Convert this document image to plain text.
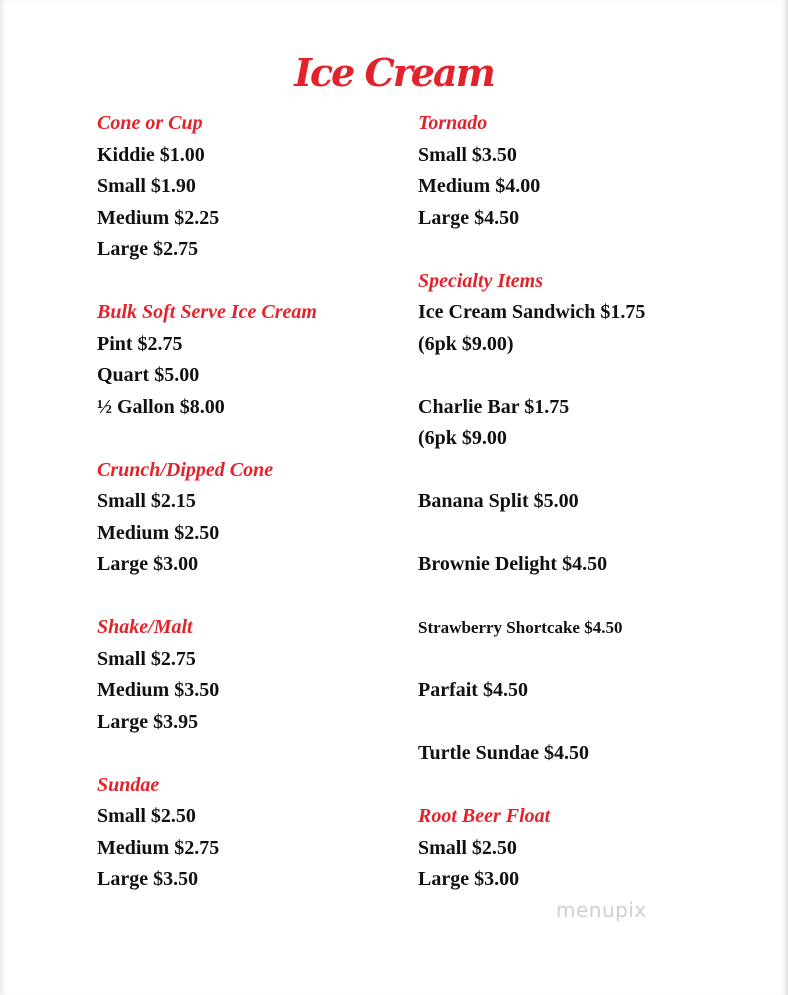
Ice Cream
Cone or Cup
Kiddie $1.00
Small $1.90
Medium $2.25
Large $2.75
Bulk Soft Serve Ice Cream
Pint $2.75
Quart $5.00
½ Gallon $8.00
Crunch/Dipped Cone
Small $2.15
Medium $2.50
Large $3.00
Shake/Malt
Small $2.75
Medium $3.50
Large $3.95
Sundae
Small $2.50
Medium $2.75
Large $3.50
Tornado
Small $3.50
Medium $4.00
Large $4.50
Specialty Items
Ice Cream Sandwich $1.75
(6pk $9.00)
Charlie Bar $1.75
(6pk $9.00
Banana Split $5.00
Brownie Delight $4.50
Strawberry Shortcake $4.50
Parfait $4.50
Turtle Sundae $4.50
Root Beer Float
Small $2.50
Large $3.00
menupix
